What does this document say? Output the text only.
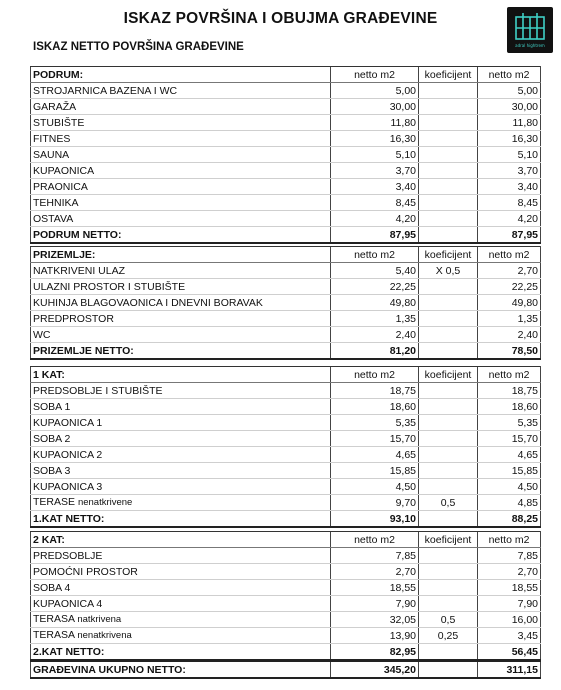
ISKAZ POVRŠINA I OBUJMA GRAĐEVINE
ISKAZ NETTO POVRŠINA GRAĐEVINE	adral hightrem
PODRUM:	netto m2	koeficijent	netto m2
STROJARNICA BAZENA I WC	5,00		5,00
GARAŽA	30,00		30,00
STUBIŠTE	11,80		11,80
FITNES	16,30		16,30
SAUNA	5,10		5,10
KUPAONICA	3,70		3,70
PRAONICA	3,40		3,40
TEHNIKA	8,45		8,45
OSTAVA	4,20		4,20
PODRUM NETTO:	87,95		87,95
PRIZEMLJE:	netto m2	koeficijent	netto m2
NATKRIVENI ULAZ	5,40	X 0,5	2,70
ULAZNI PROSTOR I STUBIŠTE	22,25		22,25
KUHINJA BLAGOVAONICA I DNEVNI BORAVAK	49,80		49,80
PREDPROSTOR	1,35		1,35
WC	2,40		2,40
PRIZEMLJE NETTO:	81,20		78,50
1 KAT:	netto m2	koeficijent	netto m2
PREDSOBLJE I STUBIŠTE	18,75		18,75
SOBA 1	18,60		18,60
KUPAONICA 1	5,35		5,35
SOBA 2	15,70		15,70
KUPAONICA 2	4,65		4,65
SOBA 3	15,85		15,85
KUPAONICA 3	4,50		4,50
TERASE nenatkrivene	9,70	0,5	4,85
1.KAT NETTO:	93,10		88,25
2 KAT:	netto m2	koeficijent	netto m2
PREDSOBLJE	7,85		7,85
POMOĆNI PROSTOR	2,70		2,70
SOBA 4	18,55		18,55
KUPAONICA 4	7,90		7,90
TERASA natkrivena	32,05	0,5	16,00
TERASA nenatkrivena	13,90	0,25	3,45
2.KAT NETTO:	82,95		56,45
GRAĐEVINA UKUPNO NETTO:	345,20		311,15
